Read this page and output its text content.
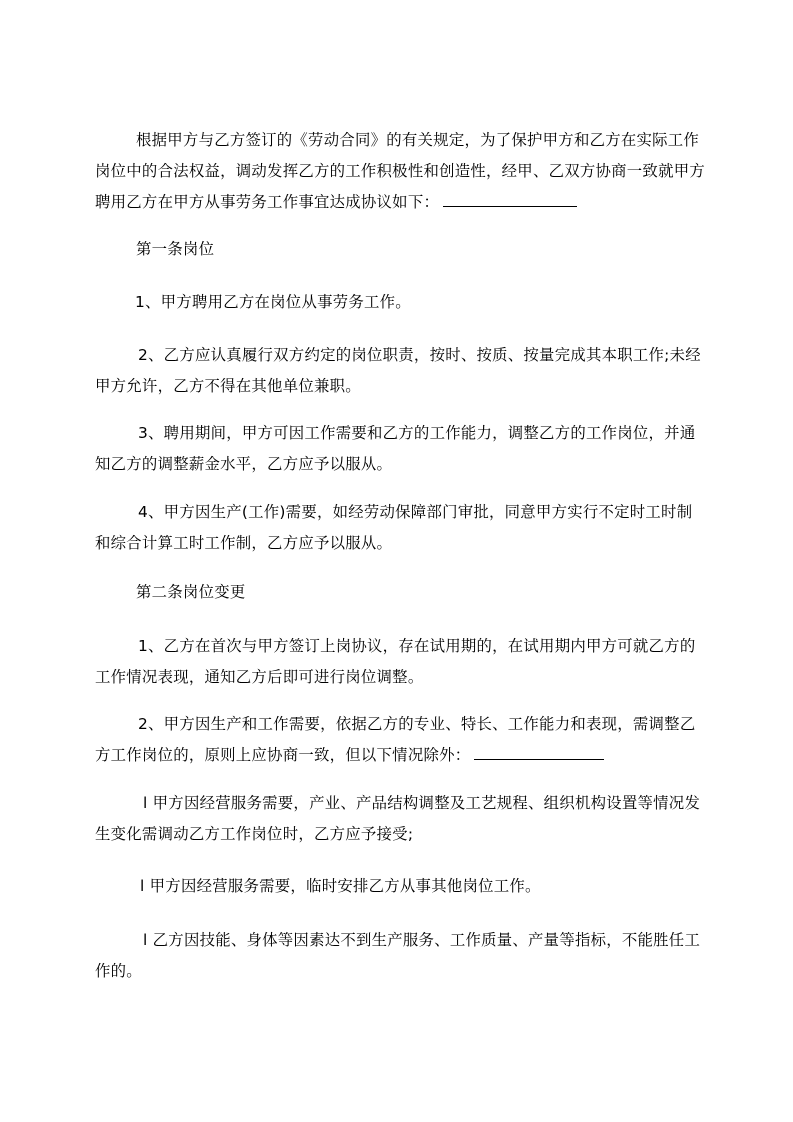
根据甲方与乙方签订的《劳动合同》的有关规定，为了保护甲方和乙方在实际工作岗位中的合法权益，调动发挥乙方的工作积极性和创造性，经甲、乙双方协商一致就甲方聘用乙方在甲方从事劳务工作事宜达成协议如下：

第一条岗位

1、甲方聘用乙方在岗位从事劳务工作。

2、乙方应认真履行双方约定的岗位职责，按时、按质、按量完成其本职工作;未经甲方允许，乙方不得在其他单位兼职。

3、聘用期间，甲方可因工作需要和乙方的工作能力，调整乙方的工作岗位，并通知乙方的调整薪金水平，乙方应予以服从。

4、甲方因生产(工作)需要，如经劳动保障部门审批，同意甲方实行不定时工时制和综合计算工时工作制，乙方应予以服从。

第二条岗位变更

1、乙方在首次与甲方签订上岗协议，存在试用期的，在试用期内甲方可就乙方的工作情况表现，通知乙方后即可进行岗位调整。

2、甲方因生产和工作需要，依据乙方的专业、特长、工作能力和表现，需调整乙方工作岗位的，原则上应协商一致，但以下情况除外：

l 甲方因经营服务需要，产业、产品结构调整及工艺规程、组织机构设置等情况发生变化需调动乙方工作岗位时，乙方应予接受;

l 甲方因经营服务需要，临时安排乙方从事其他岗位工作。

l 乙方因技能、身体等因素达不到生产服务、工作质量、产量等指标，不能胜任工作的。
